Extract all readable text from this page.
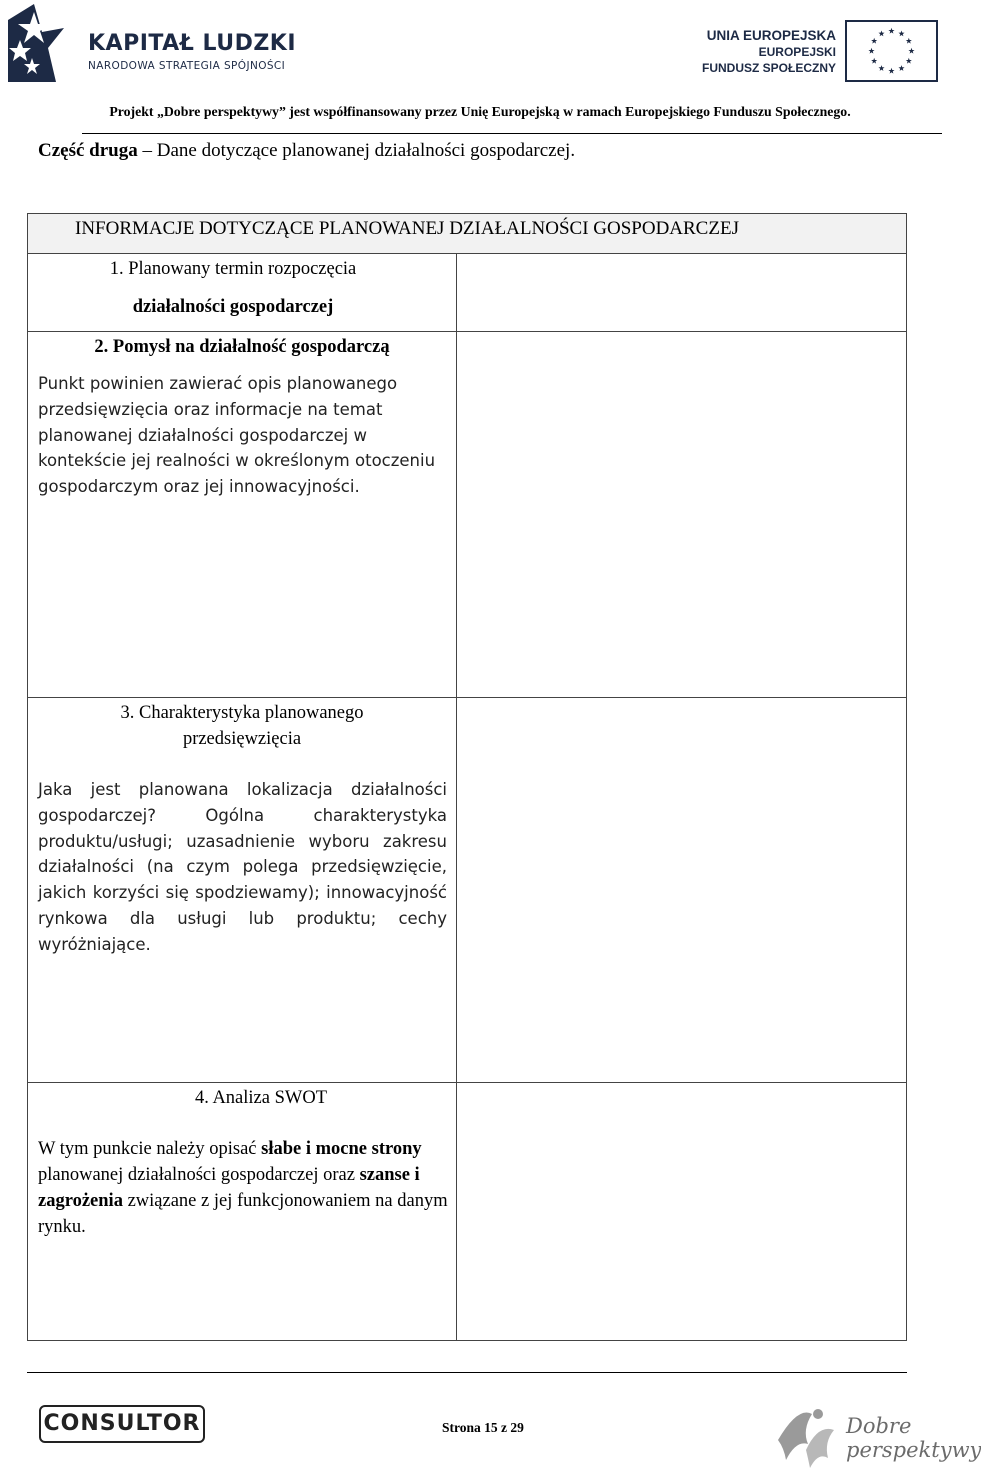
KAPITAŁ LUDZKI
NARODOWA STRATEGIA SPÓJNOŚCI
UNIA EUROPEJSKA
EUROPEJSKI
FUNDUSZ SPOŁECZNY
Projekt „Dobre perspektywy” jest współfinansowany przez Unię Europejską w ramach Europejskiego Funduszu Społecznego.
Część druga – Dane dotyczące planowanej działalności gospodarczej.
INFORMACJE DOTYCZĄCE PLANOWANEJ DZIAŁALNOŚCI GOSPODARCZEJ
1. Planowany termin rozpoczęcia
działalności gospodarczej
2. Pomysł na działalność gospodarczą
Punkt powinien zawierać opis planowanego przedsięwzięcia oraz informacje na temat planowanej działalności gospodarczej w kontekście jej realności w określonym otoczeniu gospodarczym oraz jej innowacyjności.
3. Charakterystyka planowanego
przedsięwzięcia
Jaka jest planowana lokalizacja działalności gospodarczej? Ogólna charakterystyka produktu/usługi; uzasadnienie wyboru zakresu działalności (na czym polega przedsięwzięcie, jakich korzyści się spodziewamy); innowacyjność rynkowa dla usługi lub produktu; cechy wyróżniające.
4. Analiza SWOT
W tym punkcie należy opisać słabe i mocne strony planowanej działalności gospodarczej oraz szanse i zagrożenia związane z jej funkcjonowaniem na danym rynku.
CONSULTOR	Strona 15 z 29	Dobre
perspektywy
